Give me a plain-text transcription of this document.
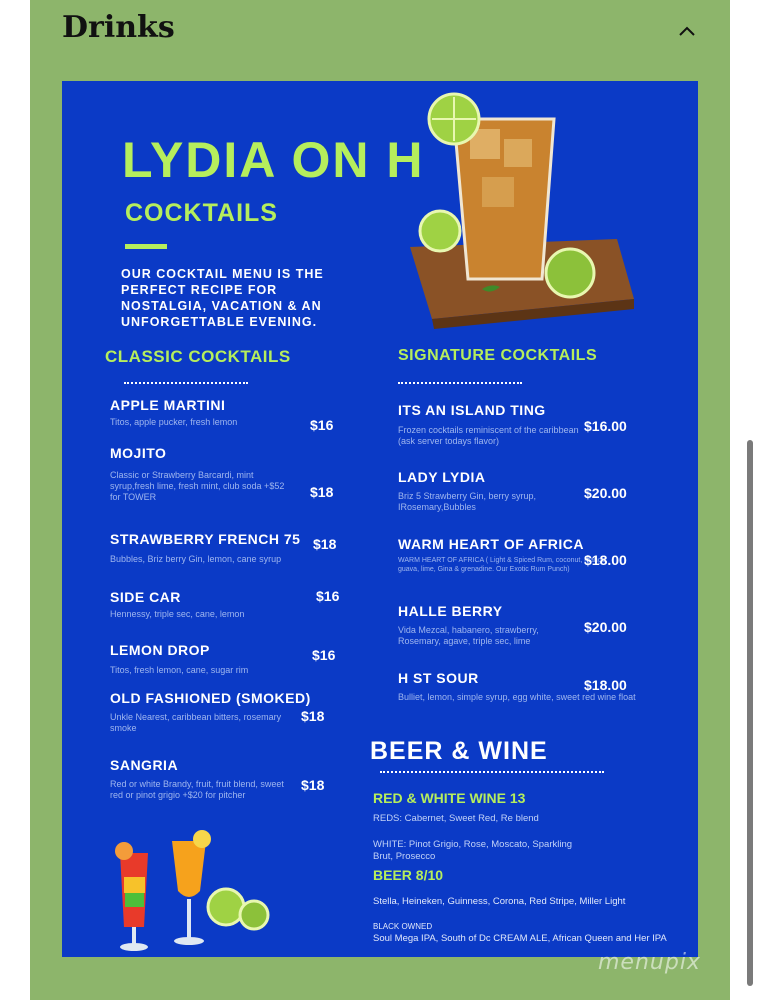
Drinks
LYDIA ON H
COCKTAILS
OUR COCKTAIL MENU IS THE PERFECT RECIPE FOR NOSTALGIA, VACATION & AN UNFORGETTABLE EVENING.
CLASSIC COCKTAILS
APPLE MARTINI
Titos, apple pucker, fresh lemon	$16
MOJITO
Classic or Strawberry Barcardi, mint syrup,fresh lime, fresh mint, club soda +$52 for TOWER	$18
STRAWBERRY FRENCH 75
Bubbles, Briz berry Gin, lemon, cane syrup
$18
SIDE CAR
Hennessy, triple sec, cane, lemon
$16
LEMON DROP
Titos, fresh lemon, cane, sugar rim
$16
OLD FASHIONED (SMOKED)
Unkle Nearest, caribbean bitters, rosemary smoke
$18
SANGRIA
Red or white Brandy, fruit, fruit blend, sweet red or pinot grigio +$20 for pitcher
$18
SIGNATURE COCKTAILS
ITS AN ISLAND TING
Frozen cocktails reminiscent of the caribbean (ask server todays flavor)
$16.00
LADY LYDIA
Briz 5 Strawberry Gin, berry syrup, IRosemary,Bubbles
$20.00
WARM HEART OF AFRICA
WARM HEART OF AFRICA ( Light & Spiced Rum, coconut, mango, guava, lime, Gina & grenadine. Our Exotic Rum Punch)
$18.00
HALLE BERRY
Vida Mezcal, habanero, strawberry, Rosemary, agave, triple sec, lime
$20.00
H ST SOUR
Bulliet, lemon, simple syrup, egg white, sweet red wine float
$18.00
BEER & WINE
RED & WHITE WINE 13
REDS: Cabernet, Sweet Red, Re blend
WHITE: Pinot Grigio, Rose, Moscato, Sparkling Brut, Prosecco
BEER 8/10
Stella, Heineken, Guinness, Corona, Red Stripe, Miller Light
BLACK OWNED
Soul Mega IPA, South of Dc CREAM ALE, African Queen and Her IPA
menupix
